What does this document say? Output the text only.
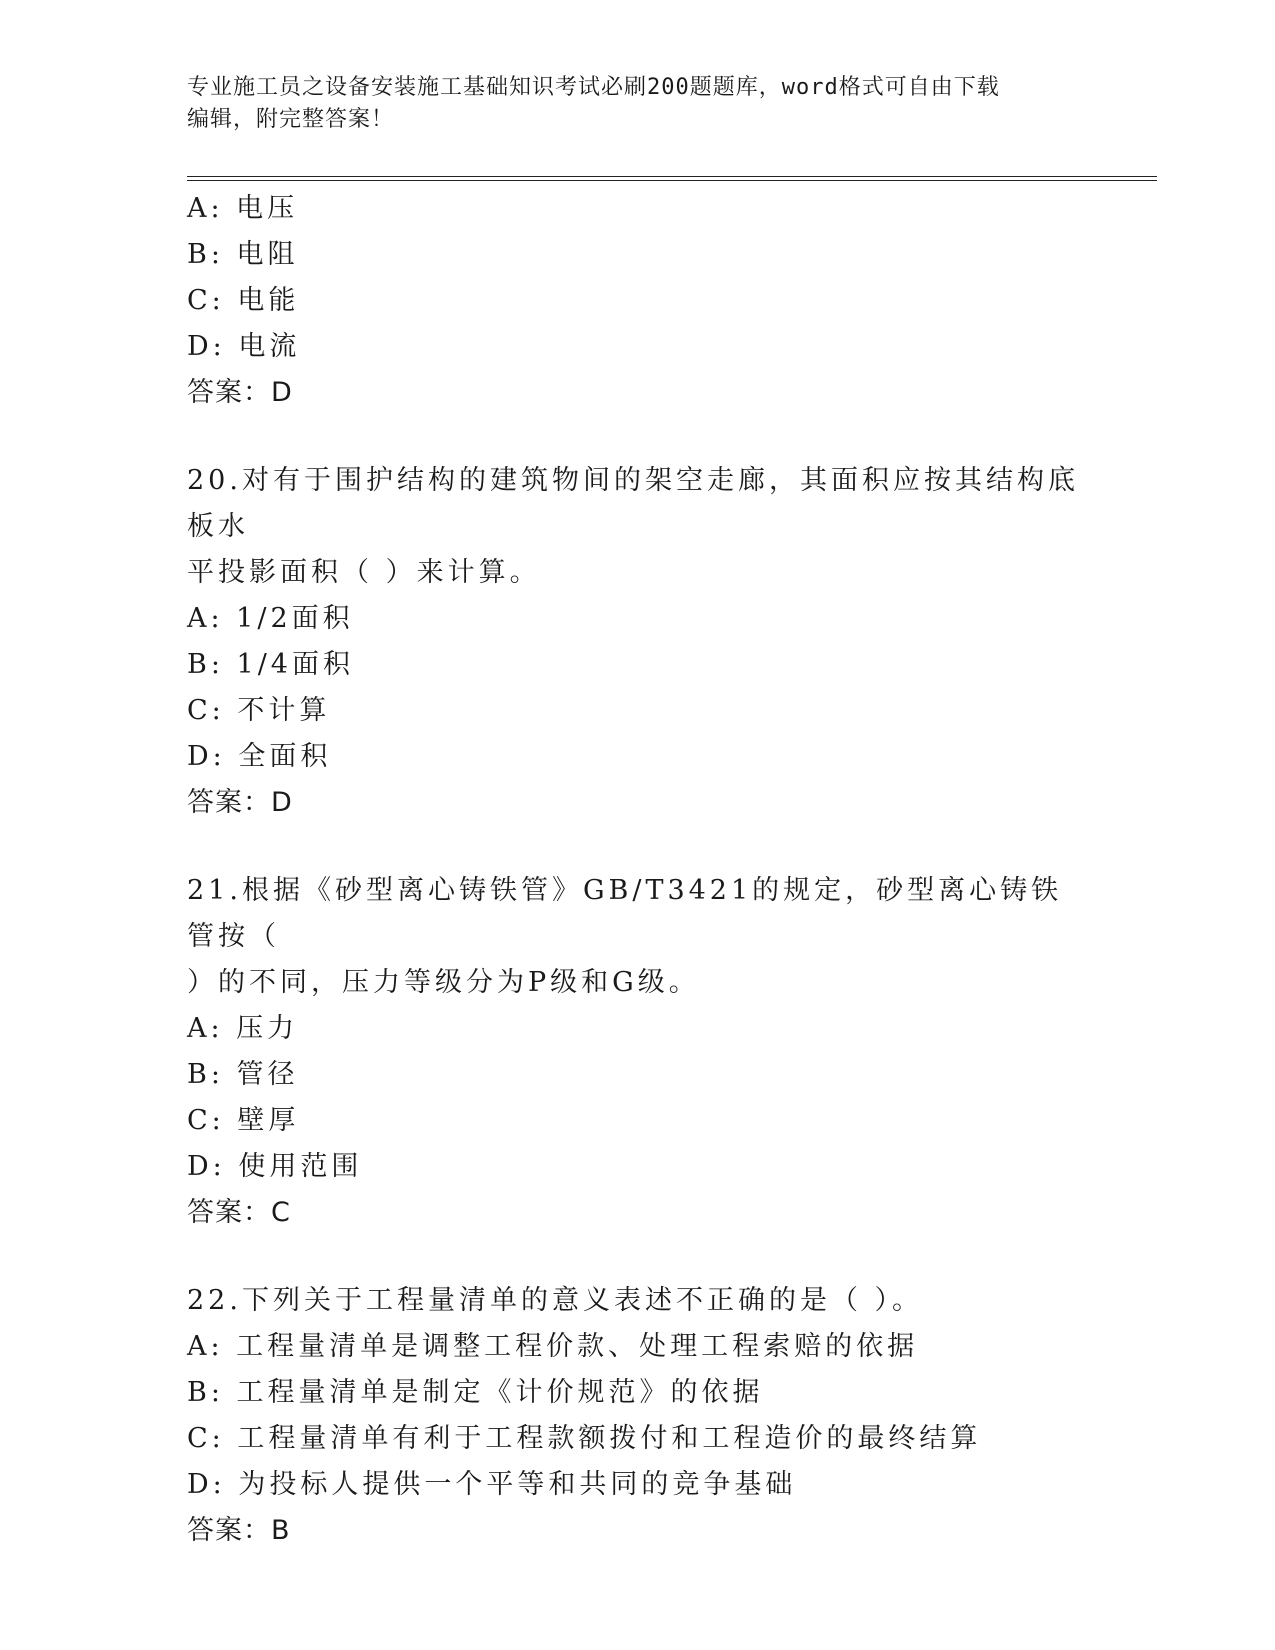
专业施工员之设备安装施工基础知识考试必刷200题题库，word格式可自由下载
编辑，附完整答案！
A: 电压
B: 电阻
C: 电能
D: 电流
答案：D
20.对有于围护结构的建筑物间的架空走廊，其面积应按其结构底板水
平投影面积（ ）来计算。
A: 1/2面积
B: 1/4面积
C: 不计算
D: 全面积
答案：D
21.根据《砂型离心铸铁管》GB/T3421的规定，砂型离心铸铁管按（
）的不同，压力等级分为P级和G级。
A: 压力
B: 管径
C: 壁厚
D: 使用范围
答案：C
22.下列关于工程量清单的意义表述不正确的是（ ）。
A: 工程量清单是调整工程价款、处理工程索赔的依据
B: 工程量清单是制定《计价规范》的依据
C: 工程量清单有利于工程款额拨付和工程造价的最终结算
D: 为投标人提供一个平等和共同的竞争基础
答案：B
